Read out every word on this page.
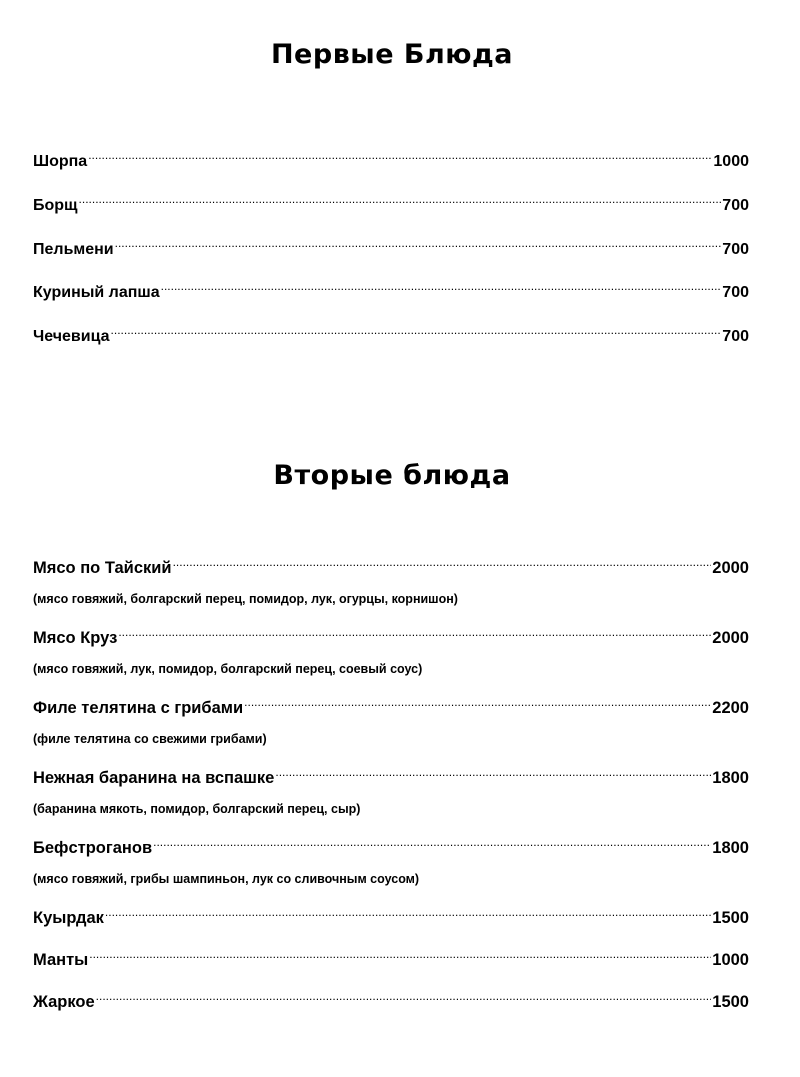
Первые Блюда
Шорпа .....	1000
Борщ .....	700
Пельмени .....	700
Куриный лапша .....	700
Чечевица .....	700
Вторые блюда
Мясо по Тайский .....	2000
(мясо говяжий, болгарский перец, помидор, лук, огурцы, корнишон)
Мясо Круз .....	2000
(мясо говяжий, лук, помидор, болгарский перец, соевый соус)
Филе телятина с грибами .....	2200
(филе телятина со свежими грибами)
Нежная баранина на вспашке .....	1800
(баранина мякоть, помидор, болгарский перец, сыр)
Бефстроганов .....	1800
(мясо говяжий, грибы шампиньон, лук со сливочным соусом)
Куырдак .....	1500
Манты .....	1000
Жаркое .....	1500
